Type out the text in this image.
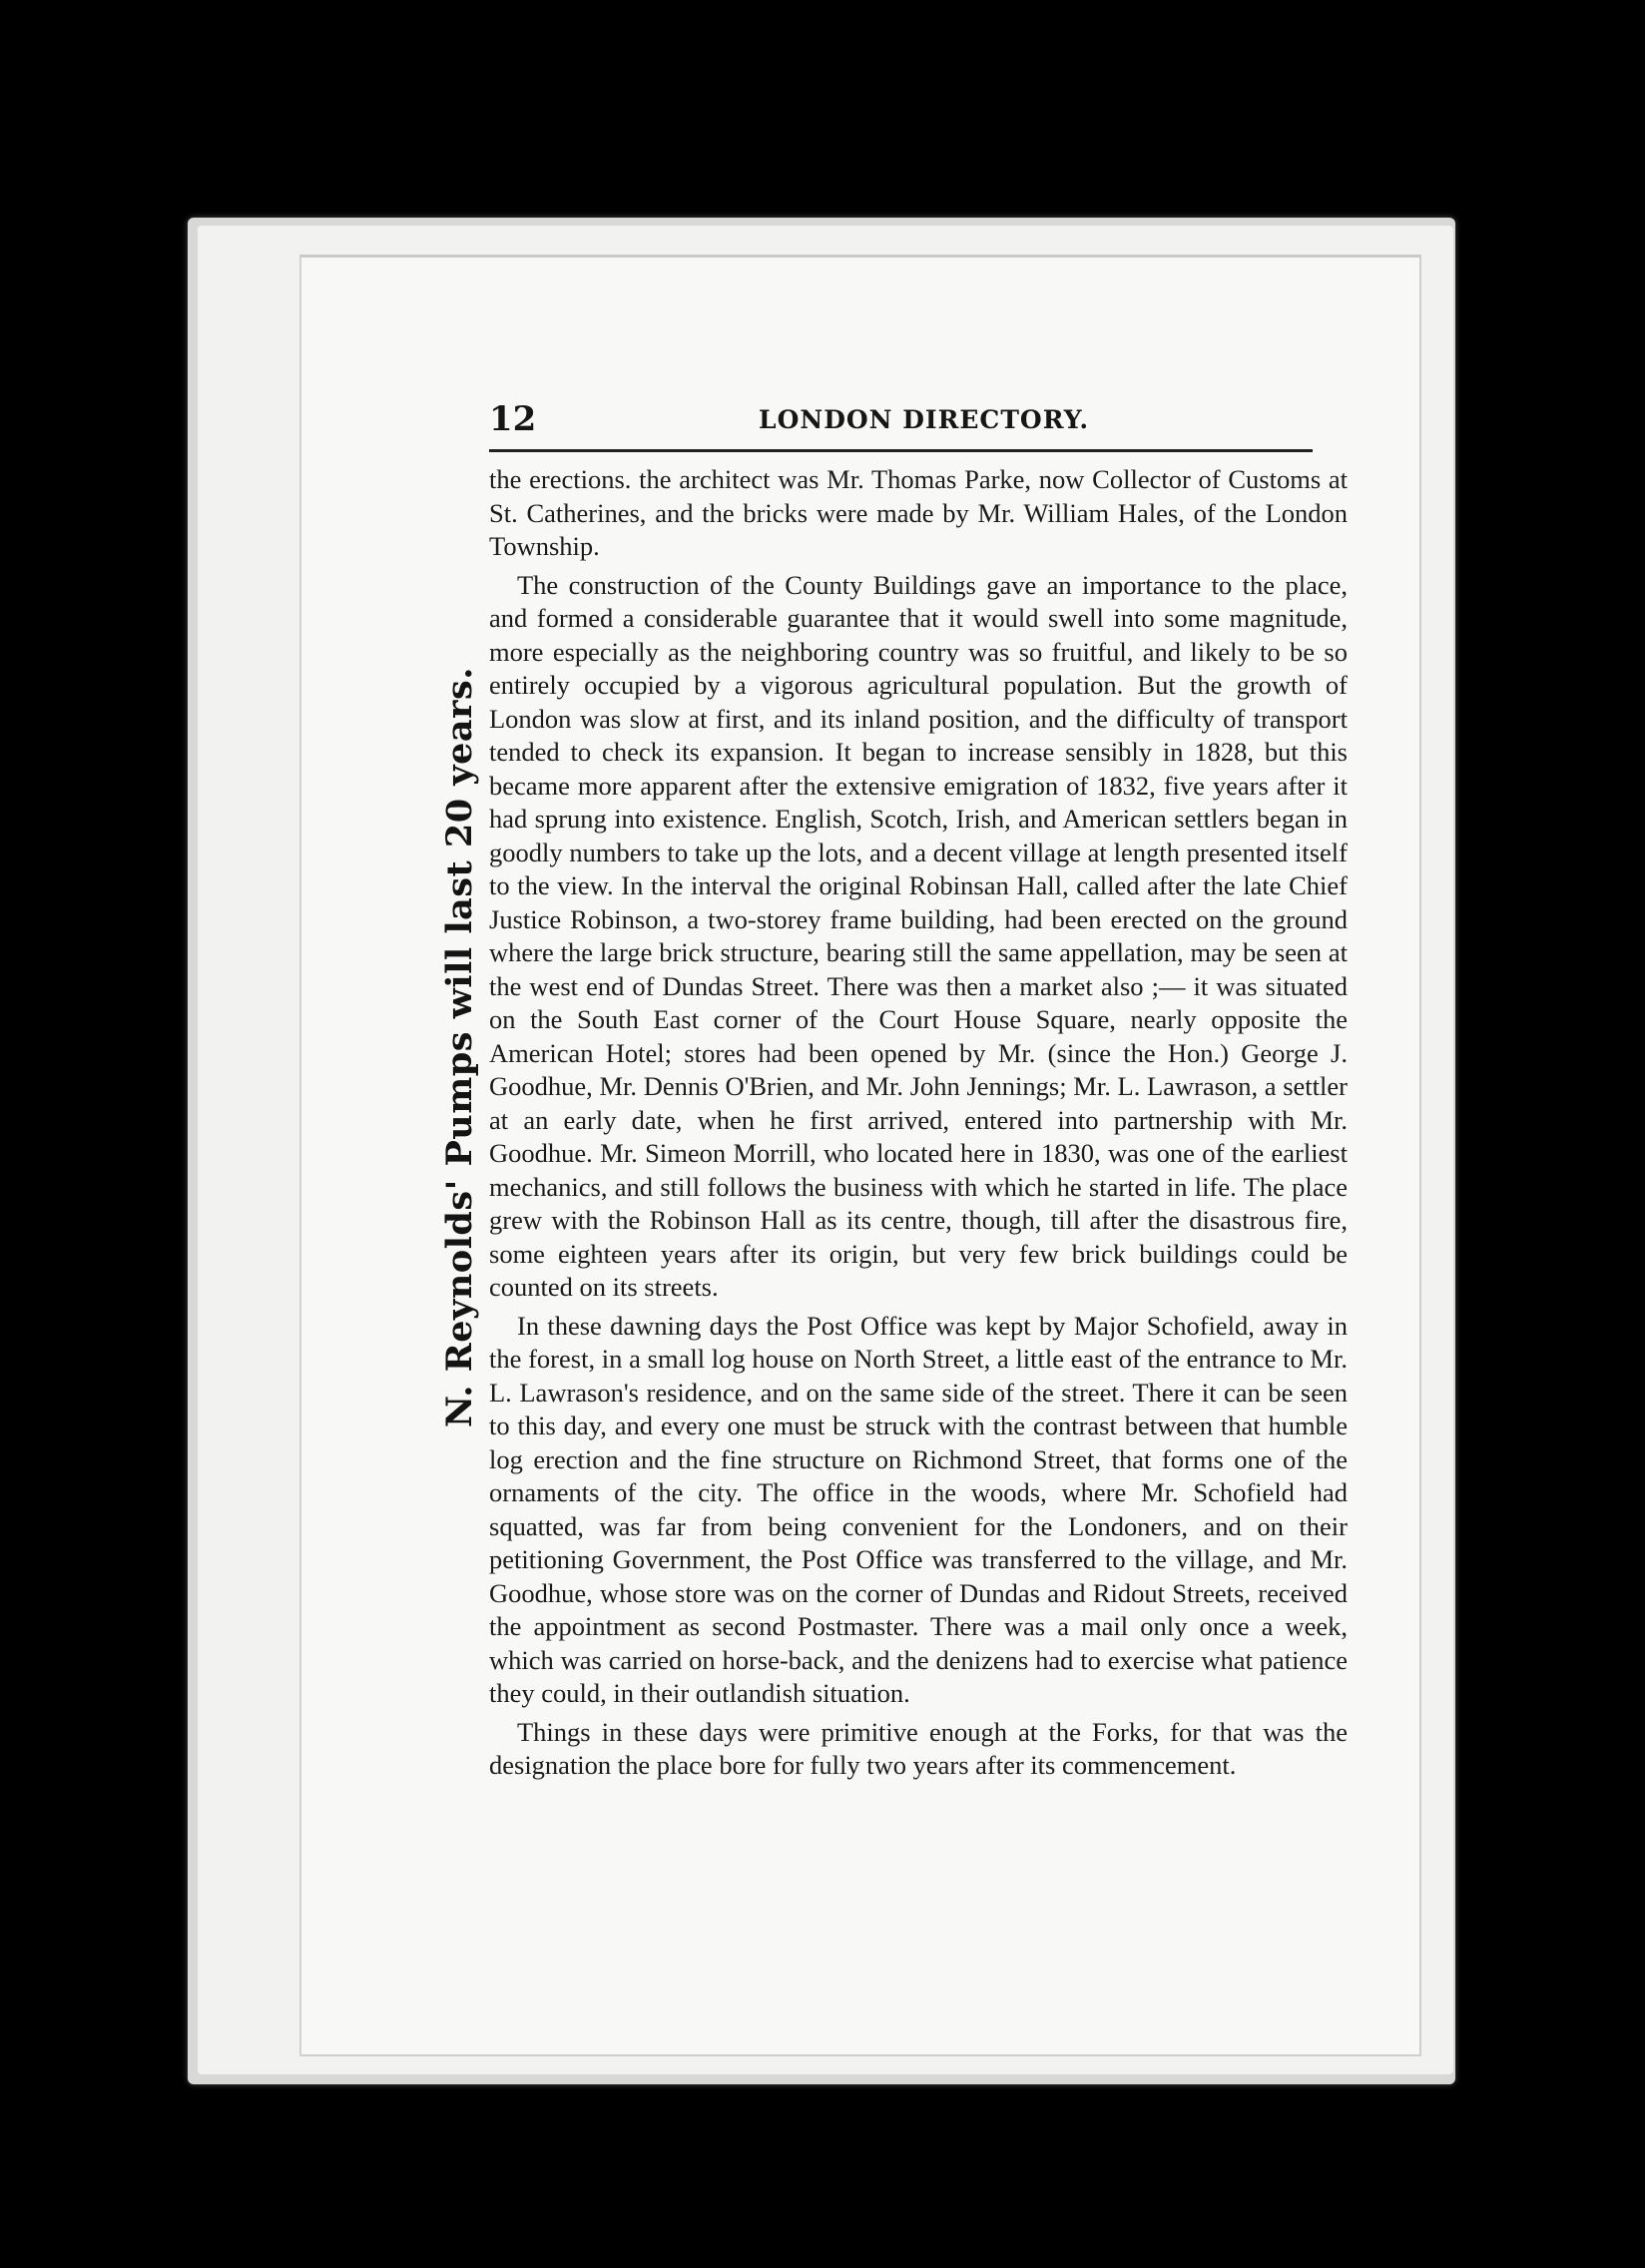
N. Reynolds' Pumps will last 20 years.
12	LONDON DIRECTORY.

the erections. the architect was Mr. Thomas Parke, now Collector of Customs at St. Catherines, and the bricks were made by Mr. William Hales, of the London Township.

The construction of the County Buildings gave an importance to the place, and formed a considerable guarantee that it would swell into some magnitude, more especially as the neighboring country was so fruitful, and likely to be so entirely occupied by a vigorous agricultural population. But the growth of London was slow at first, and its inland position, and the difficulty of transport tended to check its expansion. It began to increase sensibly in 1828, but this became more apparent after the extensive emigration of 1832, five years after it had sprung into existence. English, Scotch, Irish, and American settlers began in goodly numbers to take up the lots, and a decent village at length presented itself to the view. In the interval the original Robinsan Hall, called after the late Chief Justice Robinson, a two-storey frame building, had been erected on the ground where the large brick structure, bearing still the same appellation, may be seen at the west end of Dundas Street. There was then a market also ;— it was situated on the South East corner of the Court House Square, nearly opposite the American Hotel; stores had been opened by Mr. (since the Hon.) George J. Goodhue, Mr. Dennis O'Brien, and Mr. John Jennings; Mr. L. Lawrason, a settler at an early date, when he first arrived, entered into partnership with Mr. Goodhue. Mr. Simeon Morrill, who located here in 1830, was one of the earliest mechanics, and still follows the business with which he started in life. The place grew with the Robinson Hall as its centre, though, till after the disastrous fire, some eighteen years after its origin, but very few brick buildings could be counted on its streets.

In these dawning days the Post Office was kept by Major Schofield, away in the forest, in a small log house on North Street, a little east of the entrance to Mr. L. Lawrason's residence, and on the same side of the street. There it can be seen to this day, and every one must be struck with the contrast between that humble log erection and the fine structure on Richmond Street, that forms one of the ornaments of the city. The office in the woods, where Mr. Schofield had squatted, was far from being convenient for the Londoners, and on their petitioning Government, the Post Office was transferred to the village, and Mr. Goodhue, whose store was on the corner of Dundas and Ridout Streets, received the appointment as second Postmaster. There was a mail only once a week, which was carried on horse-back, and the denizens had to exercise what patience they could, in their outlandish situation.

Things in these days were primitive enough at the Forks, for that was the designation the place bore for fully two years after its commencement.
